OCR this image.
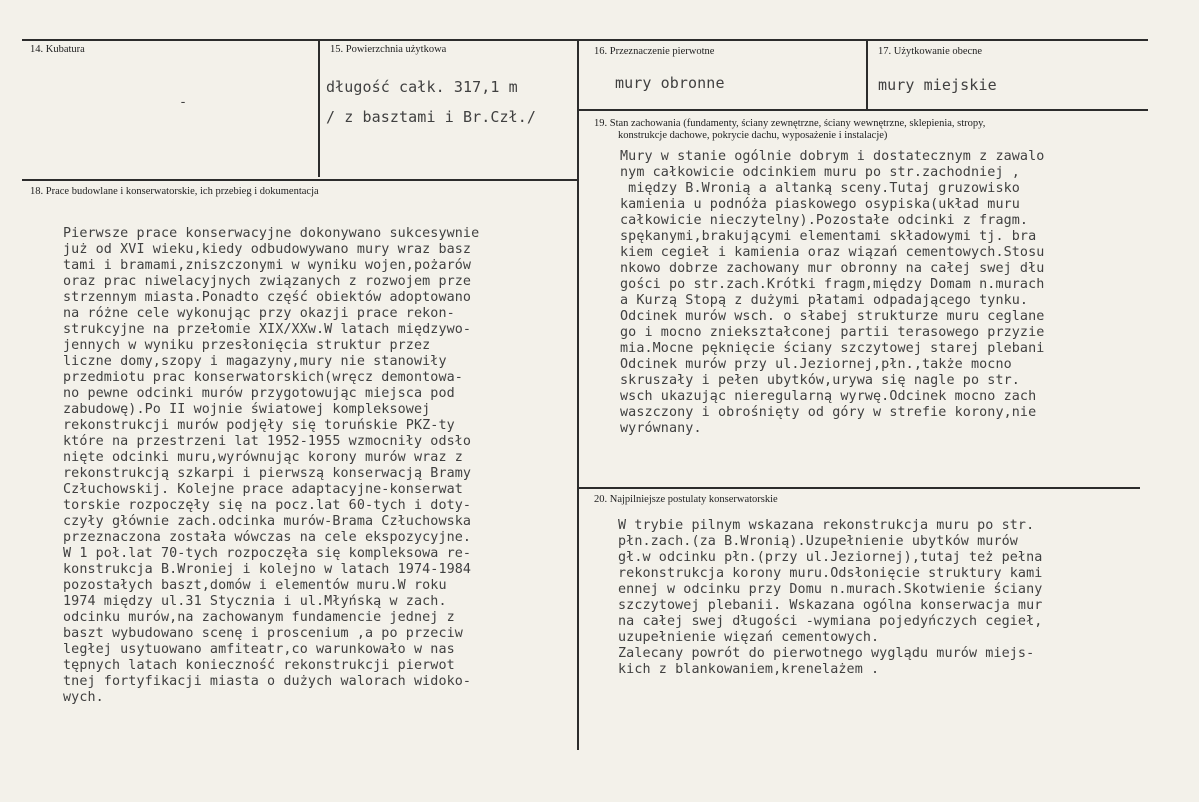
14. Kubatura
-
15. Powierzchnia użytkowa
długość całk. 317,1 m
/ z basztami i Br.Czł./
16. Przeznaczenie pierwotne
mury obronne
17. Użytkowanie obecne
mury miejskie
18. Prace budowlane i konserwatorskie, ich przebieg i dokumentacja
Pierwsze prace konserwacyjne dokonywano sukcesywnie
już od XVI wieku,kiedy odbudowywano mury wraz basz
tami i bramami,zniszczonymi w wyniku wojen,pożarów
oraz prac niwelacyjnych związanych z rozwojem prze
strzennym miasta.Ponadto część obiektów adoptowano
na różne cele wykonując przy okazji prace rekon-
strukcyjne na przełomie XIX/XXw.W latach międzywo-
jennych w wyniku przesłonięcia struktur przez
liczne domy,szopy i magazyny,mury nie stanowiły
przedmiotu prac konserwatorskich(wręcz demontowa-
no pewne odcinki murów przygotowując miejsca pod
zabudowę).Po II wojnie światowej kompleksowej
rekonstrukcji murów podjęły się toruńskie PKZ-ty
które na przestrzeni lat 1952-1955 wzmocniły odsło
nięte odcinki muru,wyrównując korony murów wraz z
rekonstrukcją szkarpi i pierwszą konserwacją Bramy
Człuchowskij. Kolejne prace adaptacyjne-konserwat
torskie rozpoczęły się na pocz.lat 60-tych i doty-
czyły głównie zach.odcinka murów-Brama Człuchowska
przeznaczona została wówczas na cele ekspozycyjne.
W 1 poł.lat 70-tych rozpoczęła się kompleksowa re-
konstrukcja B.Wroniej i kolejno w latach 1974-1984
pozostałych baszt,domów i elementów muru.W roku
1974 między ul.31 Stycznia i ul.Młyńską w zach.
odcinku murów,na zachowanym fundamencie jednej z
baszt wybudowano scenę i proscenium ,a po przeciw
ległej usytuowano amfiteatr,co warunkowało w nas
tępnych latach konieczność rekonstrukcji pierwot
tnej fortyfikacji miasta o dużych walorach widoko-
wych.
19. Stan zachowania (fundamenty, ściany zewnętrzne, ściany wewnętrzne, sklepienia, stropy,
konstrukcje dachowe, pokrycie dachu, wyposażenie i instalacje)
Mury w stanie ogólnie dobrym i dostatecznym z zawalo
nym całkowicie odcinkiem muru po str.zachodniej ,
między B.Wronią a altanką sceny.Tutaj gruzowisko
kamienia u podnóża piaskowego osypiska(układ muru
całkowicie nieczytelny).Pozostałe odcinki z fragm.
spękanymi,brakującymi elementami składowymi tj. bra
kiem cegieł i kamienia oraz wiązań cementowych.Stosu
nkowo dobrze zachowany mur obronny na całej swej dłu
gości po str.zach.Krótki fragm,między Domam n.murach
a Kurzą Stopą z dużymi płatami odpadającego tynku.
Odcinek murów wsch. o słabej strukturze muru ceglane
go i mocno zniekształconej partii terasowego przyzie
mia.Mocne pęknięcie ściany szczytowej starej plebani
Odcinek murów przy ul.Jeziornej,płn.,także mocno
skruszały i pełen ubytków,urywa się nagle po str.
wsch ukazując nieregularną wyrwę.Odcinek mocno zach
waszczony i obrośnięty od góry w strefie korony,nie
wyrównany.
20. Najpilniejsze postulaty konserwatorskie
W trybie pilnym wskazana rekonstrukcja muru po str.
płn.zach.(za B.Wronią).Uzupełnienie ubytków murów
gł.w odcinku płn.(przy ul.Jeziornej),tutaj też pełna
rekonstrukcja korony muru.Odsłonięcie struktury kami
ennej w odcinku przy Domu n.murach.Skotwienie ściany
szczytowej plebanii. Wskazana ogólna konserwacja mur
na całej swej długości -wymiana pojedyńczych cegieł,
uzupełnienie więzań cementowych.
Zalecany powrót do pierwotnego wyglądu murów miejs-
kich z blankowaniem,krenelażem .
